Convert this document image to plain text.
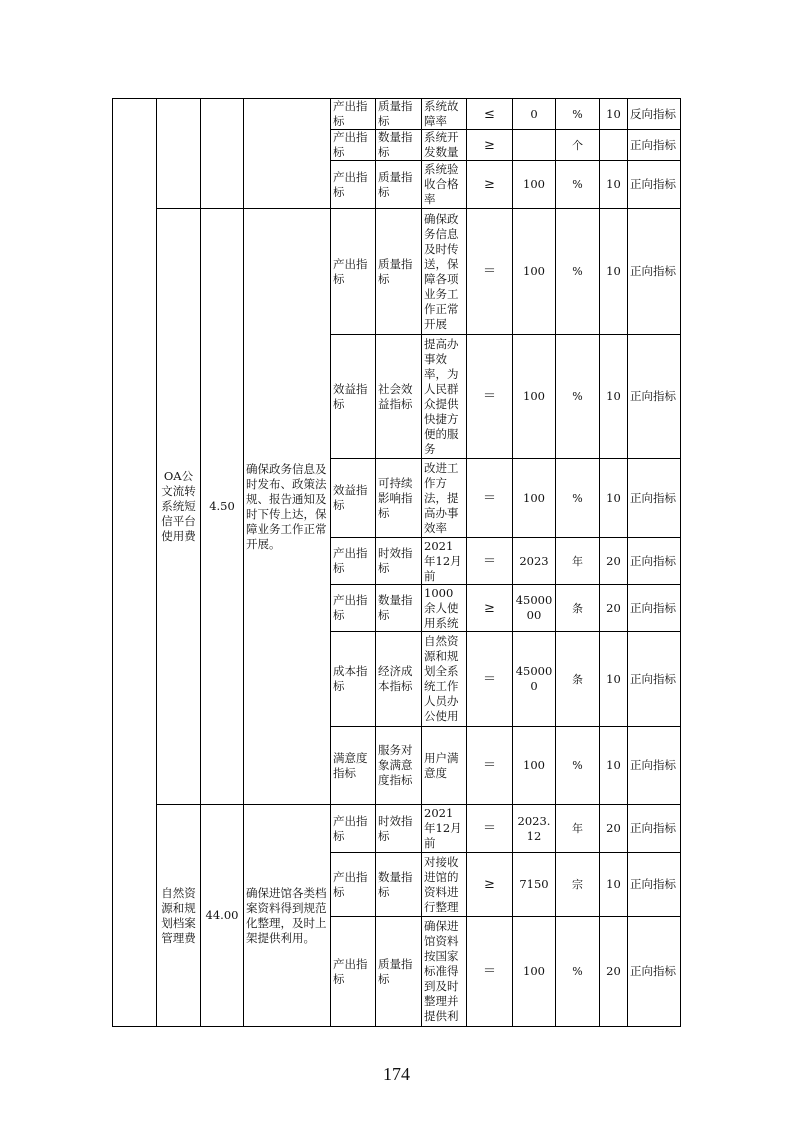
				产出指标	质量指标	系统故障率	≤	0	%	10	反向指标
				产出指标	数量指标	系统开发数量	≥		个		正向指标
				产出指标	质量指标	系统验收合格率	≥	100	%	10	正向指标
	OA公文流转系统短信平台使用费	4.50	确保政务信息及时发布、政策法规、报告通知及时下传上达，保障业务工作正常开展。	产出指标	质量指标	确保政务信息及时传送，保障各项业务工作正常开展	＝	100	%	10	正向指标
				效益指标	社会效益指标	提高办事效率，为人民群众提供快捷方便的服务	＝	100	%	10	正向指标
				效益指标	可持续影响指标	改进工作方法，提高办事效率	＝	100	%	10	正向指标
				产出指标	时效指标	2021年12月前	＝	2023	年	20	正向指标
				产出指标	数量指标	1000余人使用系统	≥	4500000	条	20	正向指标
				成本指标	经济成本指标	自然资源和规划全系统工作人员办公使用	＝	450000	条	10	正向指标
				满意度指标	服务对象满意度指标	用户满意度	＝	100	%	10	正向指标
	自然资源和规划档案管理费	44.00	确保进馆各类档案资料得到规范化整理，及时上架提供利用。	产出指标	时效指标	2021年12月前	＝	2023.12	年	20	正向指标
				产出指标	数量指标	对接收进馆的资料进行整理	≥	7150	宗	10	正向指标
				产出指标	质量指标	确保进馆资料按国家标准得到及时整理并提供利	＝	100	%	20	正向指标
174
